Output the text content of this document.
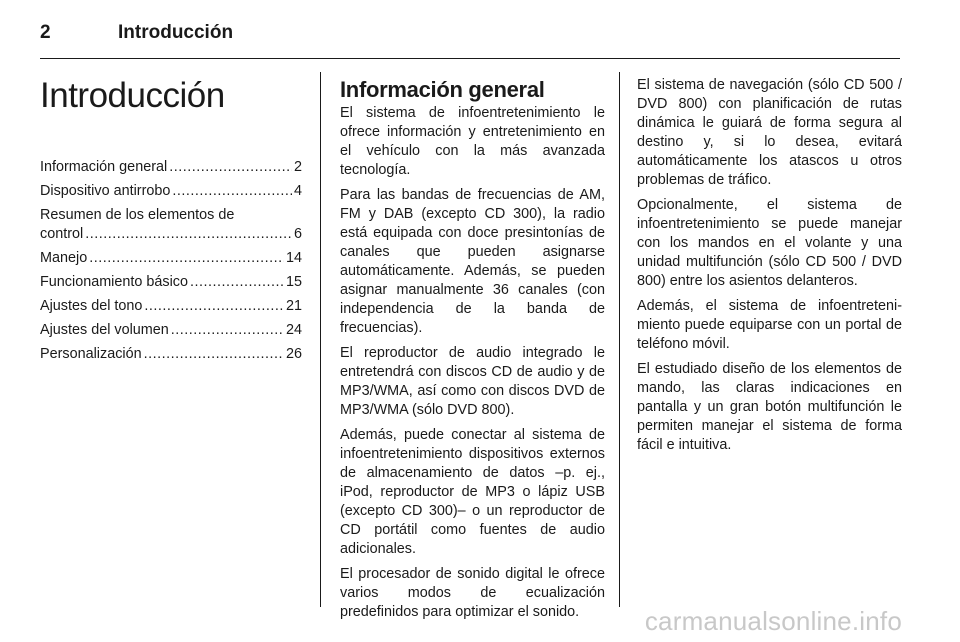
2	Introducción
Introducción
Información general .....	2
Dispositivo antirrobo .....	4
Resumen de los elementos de
control .....	6
Manejo .....	14
Funcionamiento básico .....	15
Ajustes del tono .....	21
Ajustes del volumen .....	24
Personalización .....	26
Información general

El sistema de infoentretenimiento le ofrece información y entretenimiento en el vehículo con la más avanzada tecnología.

Para las bandas de frecuencias de AM, FM y DAB (excepto CD 300), la radio está equipada con doce presintonías de canales que pueden asignarse automáticamente. Además, se pueden asignar manualmente 36 canales (con independencia de la banda de frecuencias).

El reproductor de audio integrado le entretendrá con discos CD de audio y de MP3/WMA, así como con discos DVD de MP3/WMA (sólo DVD 800).

Además, puede conectar al sistema de infoentretenimiento dispositivos externos de almacenamiento de datos –p. ej., iPod, reproductor de MP3 o lápiz USB (excepto CD 300)– o un reproductor de CD portátil como fuentes de audio adicionales.

El procesador de sonido digital le ofrece varios modos de ecualización predefinidos para optimizar el sonido.

El sistema de navegación (sólo CD 500 / DVD 800) con planificación de rutas dinámica le guiará de forma segura al destino y, si lo desea, evitará automáticamente los atascos u otros problemas de tráfico.

Opcionalmente, el sistema de infoentretenimiento se puede manejar con los mandos en el volante y una unidad multifunción (sólo CD 500 / DVD 800) entre los asientos delanteros.

Además, el sistema de infoentreteni-miento puede equiparse con un portal de teléfono móvil.

El estudiado diseño de los elementos de mando, las claras indicaciones en pantalla y un gran botón multifunción le permiten manejar el sistema de forma fácil e intuitiva.

carmanualsonline.info
